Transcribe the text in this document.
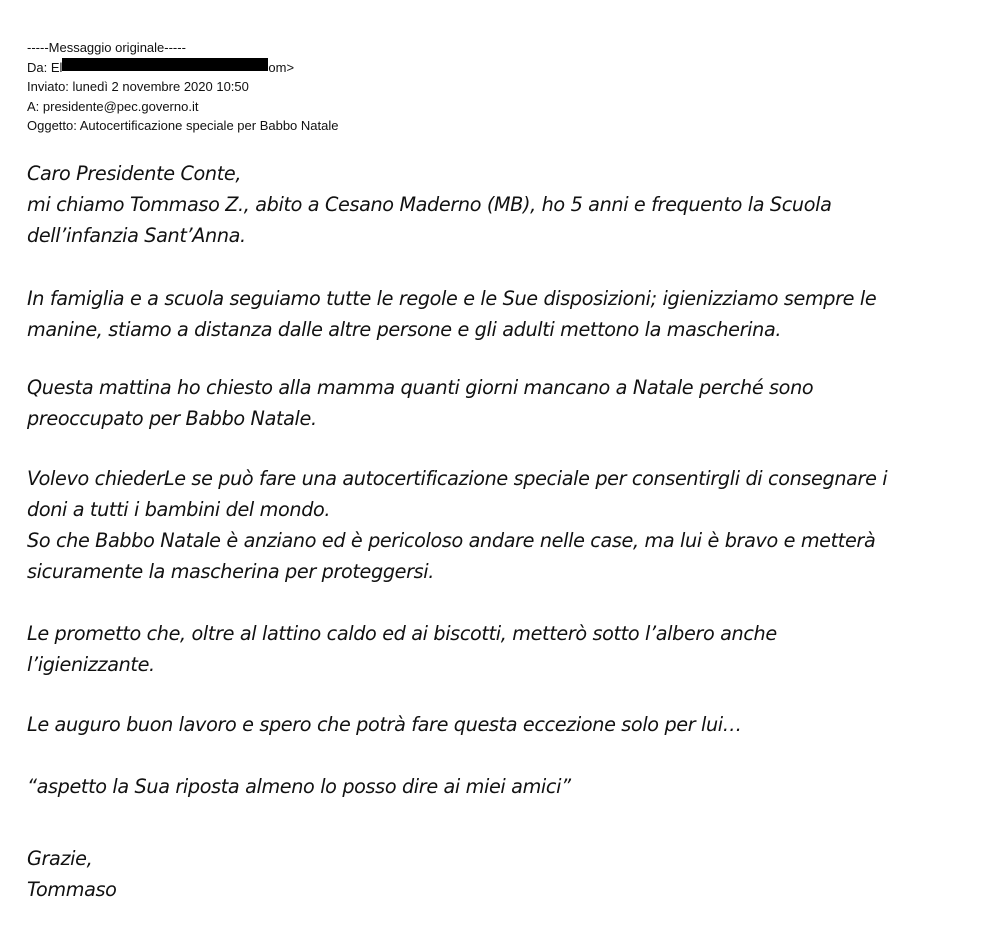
-----Messaggio originale-----
Da: El	om>
Inviato: lunedì 2 novembre 2020 10:50
A: presidente@pec.governo.it
Oggetto: Autocertificazione speciale per Babbo Natale
Caro Presidente Conte,
mi chiamo Tommaso Z., abito a Cesano Maderno (MB), ho 5 anni e frequento la Scuola
dell’infanzia Sant’Anna.
In famiglia e a scuola seguiamo tutte le regole e le Sue disposizioni; igienizziamo sempre le
manine, stiamo a distanza dalle altre persone e gli adulti mettono la mascherina.
Questa mattina ho chiesto alla mamma quanti giorni mancano a Natale perché sono
preoccupato per Babbo Natale.
Volevo chiederLe se può fare una autocertificazione speciale per consentirgli di consegnare i
doni a tutti i bambini del mondo.
So che Babbo Natale è anziano ed è pericoloso andare nelle case, ma lui è bravo e metterà
sicuramente la mascherina per proteggersi.
Le prometto che, oltre al lattino caldo ed ai biscotti, metterò sotto l’albero anche
l’igienizzante.
Le auguro buon lavoro e spero che potrà fare questa eccezione solo per lui…
“aspetto la Sua riposta almeno lo posso dire ai miei amici”
Grazie,
Tommaso
